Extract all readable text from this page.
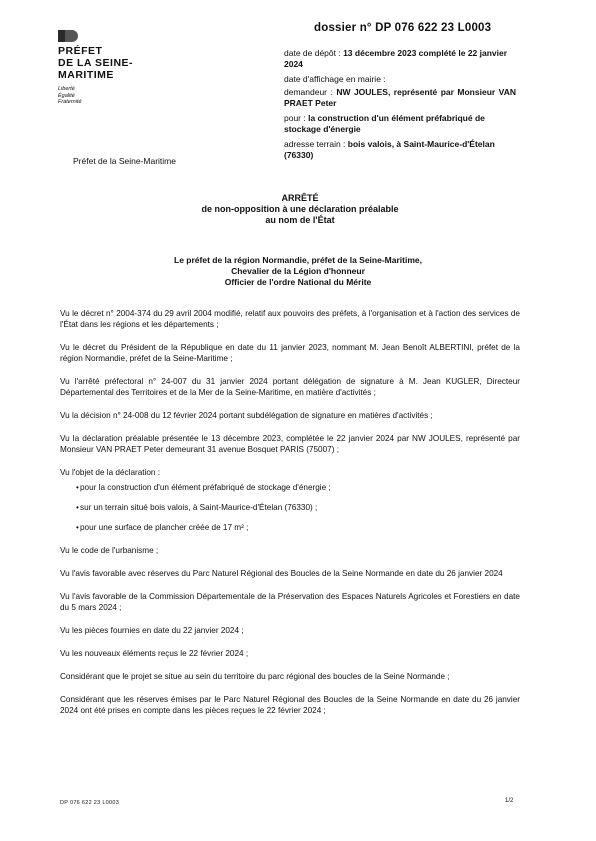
dossier n° DP 076 622 23 L0003
PRÉFET
DE LA SEINE-
MARITIME
Liberté
Égalité
Fraternité
Préfet de la Seine-Maritime
date de dépôt : 13 décembre 2023 complété le 22 janvier 2024
date d'affichage en mairie :
demandeur : NW JOULES, représenté par Monsieur VAN PRAET Peter
pour : la construction d'un élément préfabriqué de stockage d'énergie
adresse terrain : bois valois, à Saint-Maurice-d'Ételan (76330)
ARRÊTÉ
de non-opposition à une déclaration préalable
au nom de l'État
Le préfet de la région Normandie, préfet de la Seine-Maritime,
Chevalier de la Légion d'honneur
Officier de l'ordre National du Mérite

Vu le décret n° 2004-374 du 29 avril 2004 modifié, relatif aux pouvoirs des préfets, à l'organisation et à l'action des services de l'État dans les régions et les départements ;

Vu le décret du Président de la République en date du 11 janvier 2023, nommant M. Jean Benoît ALBERTINI, préfet de la région Normandie, préfet de la Seine-Maritime ;

Vu l'arrêté préfectoral n° 24-007 du 31 janvier 2024 portant délégation de signature à M. Jean KUGLER, Directeur Départemental des Territoires et de la Mer de la Seine-Maritime, en matière d'activités ;

Vu la décision n° 24-008 du 12 février 2024 portant subdélégation de signature en matières d'activités ;

Vu la déclaration préalable présentée le 13 décembre 2023, complétée le 22 janvier 2024 par NW JOULES, représenté par Monsieur VAN PRAET Peter demeurant 31 avenue Bosquet PARIS (75007) ;

Vu l'objet de la déclaration :

• pour la construction d'un élément préfabriqué de stockage d'énergie ;
• sur un terrain situé bois valois, à Saint-Maurice-d'Ételan (76330) ;
• pour une surface de plancher créée de 17 m² ;

Vu le code de l'urbanisme ;

Vu l'avis favorable avec réserves du Parc Naturel Régional des Boucles de la Seine Normande en date du 26 janvier 2024

Vu l'avis favorable de la Commission Départementale de la Préservation des Espaces Naturels Agricoles et Forestiers en date du 5 mars 2024 ;

Vu les pièces fournies en date du 22 janvier 2024 ;

Vu les nouveaux éléments reçus le 22 février 2024 ;

Considérant que le projet se situe au sein du territoire du parc régional des boucles de la Seine Normande ;

Considérant que les réserves émises par le Parc Naturel Régional des Boucles de la Seine Normande en date du 26 janvier 2024 ont été prises en compte dans les pièces reçues le 22 février 2024 ;

DP 076 622 23 L0003	1/2
